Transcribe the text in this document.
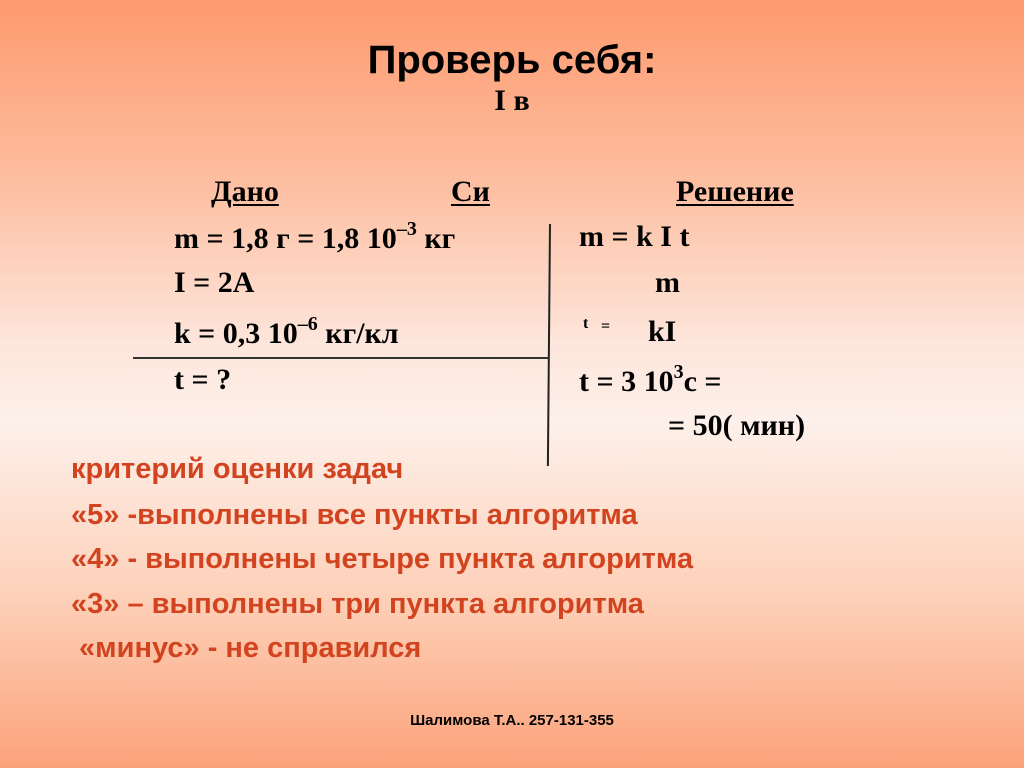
Проверь себя:
I в
Дано	Си	Решение
m = 1,8 г = 1,8 $10^{-3}$ кг
I = 2A
k = 0,3 $10^{-6}$ кг/кл
t = ?
m = k I t
m
t = kI
t = 3 $10^3с$ =
= 50( мин)
критерий оценки задач
«5» -выполнены все пункты алгоритма
«4» - выполнены четыре пункта алгоритма
«3» – выполнены три пункта алгоритма
«минус» - не справился
Шалимова Т.А.. 257-131-355
